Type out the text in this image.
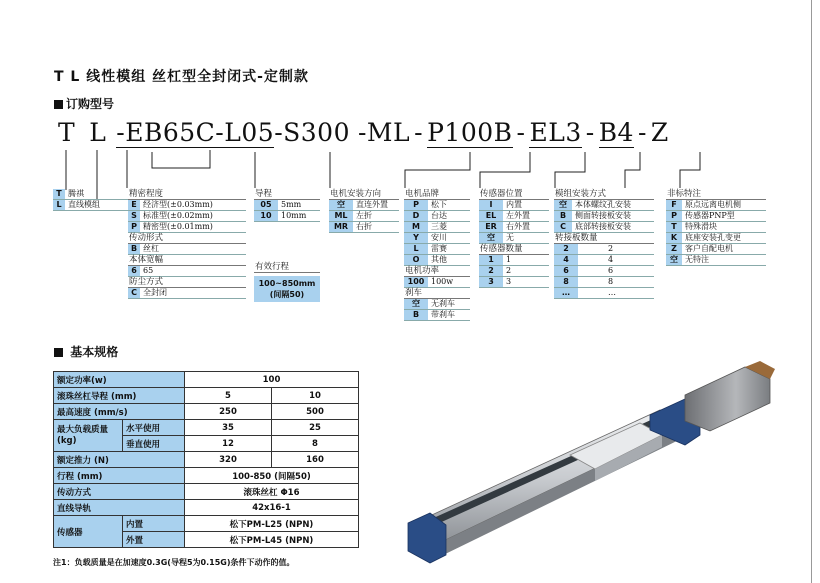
T L 线性模组 丝杠型全封闭式-定制款
订购型号
T L -EB65C-L05-S300 -ML - P100B - EL3 - B4 - Z
T 腾祺
L 直线模组
精密程度
E 经济型(±0.03mm)
S 标准型(±0.02mm)
P 精密型(±0.01mm)
传动形式
B 丝杠
本体宽幅
6 65
防尘方式
C 全封闭
导程
05	5mm
10	10mm
有效行程
100~850mm
(间隔50)
电机安装方向
空	直连外置
ML	左折
MR 右折
电机品牌
P	松下
D	台达
M	三菱
Y	安川
L	雷赛
O	其他
电机功率
100 100w
刹车
空	无刹车
B	带刹车
传感器位置
I	内置
EL	左外置
ER	右外置
空	无
传感器数量
1	1
2	2
3	3
模组安装方式
空	本体螺纹孔安装
B	侧面转接板安装
C	底部转接板安装
转接板数量
2	2
4	4
6	6
8	8
…	…
非标特注
F	原点远离电机侧
P	传感器PNP型
T	特殊滑块
K 底座安装孔变更
Z	客户自配电机
空 无特注
基本规格
额定功率(w)		100	
滚珠丝杠导程 (mm)		5	10
最高速度 (mm/s)		250	500
最大负载质量 (kg)	水平使用	35	25
	垂直使用	12	8
额定推力 (N)		320	160
行程 (mm)		100-850 (间隔50)	
传动方式		滚珠丝杠 Φ16	
直线导轨		42x16-1	
传感器	内置	松下PM-L25 (NPN)	
	外置	松下PM-L45 (NPN)	
注1：负载质量是在加速度0.3G(导程5为0.15G)条件下动作的值。
